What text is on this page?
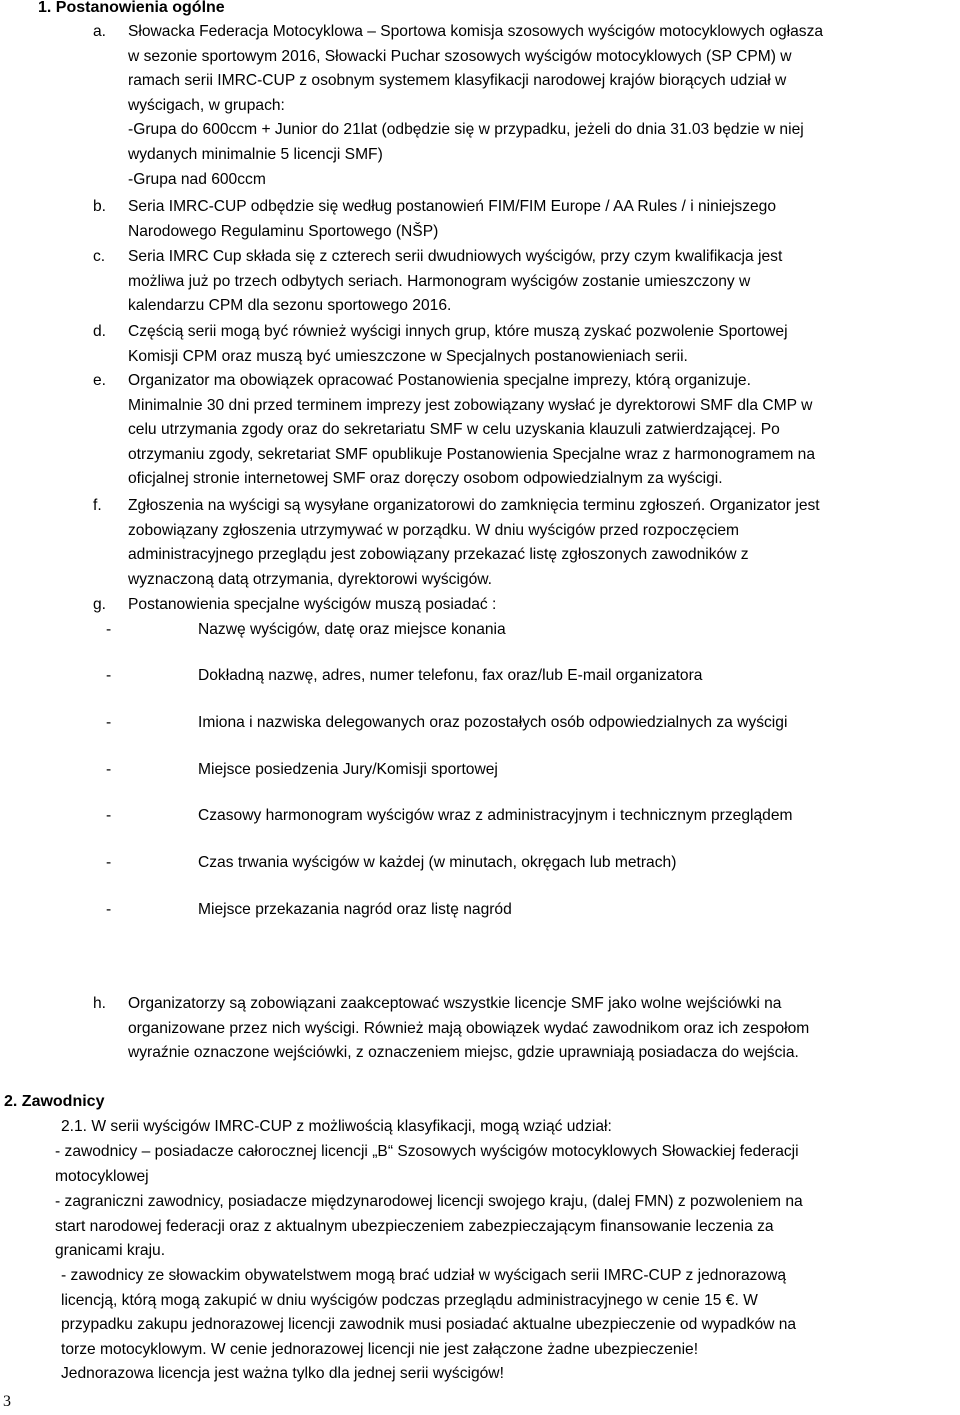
1. Postanowienia ogólne
a. Słowacka Federacja Motocyklowa – Sportowa komisja szosowych wyścigów motocyklowych ogłasza
w sezonie sportowym 2016, Słowacki Puchar szosowych wyścigów motocyklowych (SP CPM) w
ramach serii IMRC-CUP z osobnym systemem klasyfikacji narodowej krajów biorących udział w
wyścigach, w grupach:
-Grupa do 600ccm + Junior do 21lat (odbędzie się w przypadku, jeżeli do dnia 31.03 będzie w niej
wydanych minimalnie 5 licencji SMF)
-Grupa nad 600ccm
b. Seria IMRC-CUP odbędzie się według postanowień FIM/FIM Europe / AA Rules / i niniejszego
Narodowego Regulaminu Sportowego (NŠP)
c. Seria IMRC Cup składa się z czterech serii dwudniowych wyścigów, przy czym kwalifikacja jest
możliwa już po trzech odbytych seriach. Harmonogram wyścigów zostanie umieszczony w
kalendarzu CPM dla sezonu sportowego 2016.
d. Częścią serii mogą być również wyścigi innych grup, które muszą zyskać pozwolenie Sportowej
Komisji CPM oraz muszą być umieszczone w Specjalnych postanowieniach serii.
e. Organizator ma obowiązek opracować Postanowienia specjalne imprezy, którą organizuje.
Minimalnie 30 dni przed terminem imprezy jest zobowiązany wysłać je dyrektorowi SMF dla CMP w
celu utrzymania zgody oraz do sekretariatu SMF w celu uzyskania klauzuli zatwierdzającej. Po
otrzymaniu zgody, sekretariat SMF opublikuje Postanowienia Specjalne wraz z harmonogramem na
oficjalnej stronie internetowej SMF oraz doręczy osobom odpowiedzialnym za wyścigi.
f. Zgłoszenia na wyścigi są wysyłane organizatorowi do zamknięcia terminu zgłoszeń. Organizator jest
zobowiązany zgłoszenia utrzymywać w porządku. W dniu wyścigów przed rozpoczęciem
administracyjnego przeglądu jest zobowiązany przekazać listę zgłoszonych zawodników z
wyznaczoną datą otrzymania, dyrektorowi wyścigów.
g. Postanowienia specjalne wyścigów muszą posiadać :
-	Nazwę wyścigów, datę oraz miejsce konania
-	Dokładną nazwę, adres, numer telefonu, fax oraz/lub E-mail organizatora
-	Imiona i nazwiska delegowanych oraz pozostałych osób odpowiedzialnych za wyścigi
-	Miejsce posiedzenia Jury/Komisji sportowej
-	Czasowy harmonogram wyścigów wraz z administracyjnym i technicznym przeglądem
-	Czas trwania wyścigów w każdej (w minutach, okręgach lub metrach)
-	Miejsce przekazania nagród oraz listę nagród
h. Organizatorzy są zobowiązani zaakceptować wszystkie licencje SMF jako wolne wejściówki na
organizowane przez nich wyścigi. Również mają obowiązek wydać zawodnikom oraz ich zespołom
wyraźnie oznaczone wejściówki, z oznaczeniem miejsc, gdzie uprawniają posiadacza do wejścia.
2. Zawodnicy
2.1. W serii wyścigów IMRC-CUP z możliwością klasyfikacji, mogą wziąć udział:
- zawodnicy – posiadacze całorocznej licencji „B“ Szosowych wyścigów motocyklowych Słowackiej federacji
motocyklowej
- zagraniczni zawodnicy, posiadacze międzynarodowej licencji swojego kraju, (dalej FMN) z pozwoleniem na
start narodowej federacji oraz z aktualnym ubezpieczeniem zabezpieczającym finansowanie leczenia za
granicami kraju.
- zawodnicy ze słowackim obywatelstwem mogą brać udział w wyścigach serii IMRC-CUP z jednorazową
licencją, którą mogą zakupić w dniu wyścigów podczas przeglądu administracyjnego w cenie 15 €. W
przypadku zakupu jednorazowej licencji zawodnik musi posiadać aktualne ubezpieczenie od wypadków na
torze motocyklowym. W cenie jednorazowej licencji nie jest załączone żadne ubezpieczenie!
Jednorazowa licencja jest ważna tylko dla jednej serii wyścigów!
3
